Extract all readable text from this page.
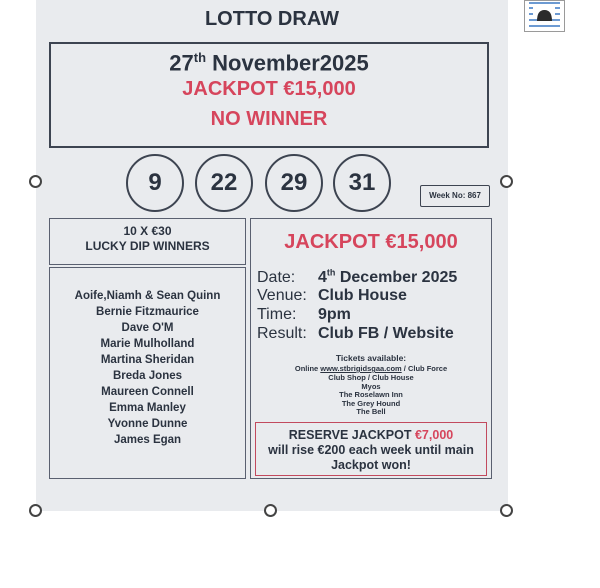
LOTTO DRAW
27th November2025
JACKPOT €15,000
NO WINNER
9	22	29	31	Week No: 867
10 X €30
LUCKY DIP WINNERS
Aoife,Niamh & Sean Quinn
Bernie Fitzmaurice
Dave O'M
Marie Mulholland
Martina Sheridan
Breda Jones
Maureen Connell
Emma Manley
Yvonne Dunne
James Egan
JACKPOT €15,000
Date: 4th December 2025
Venue: Club House
Time: 9pm
Result: Club FB / Website
Tickets available:
Online www.stbrigidsgaa.com / Club Force
Club Shop / Club House
Myos
The Roselawn Inn
The Grey Hound
The Bell
RESERVE JACKPOT €7,000
will rise €200 each week until main
Jackpot won!
